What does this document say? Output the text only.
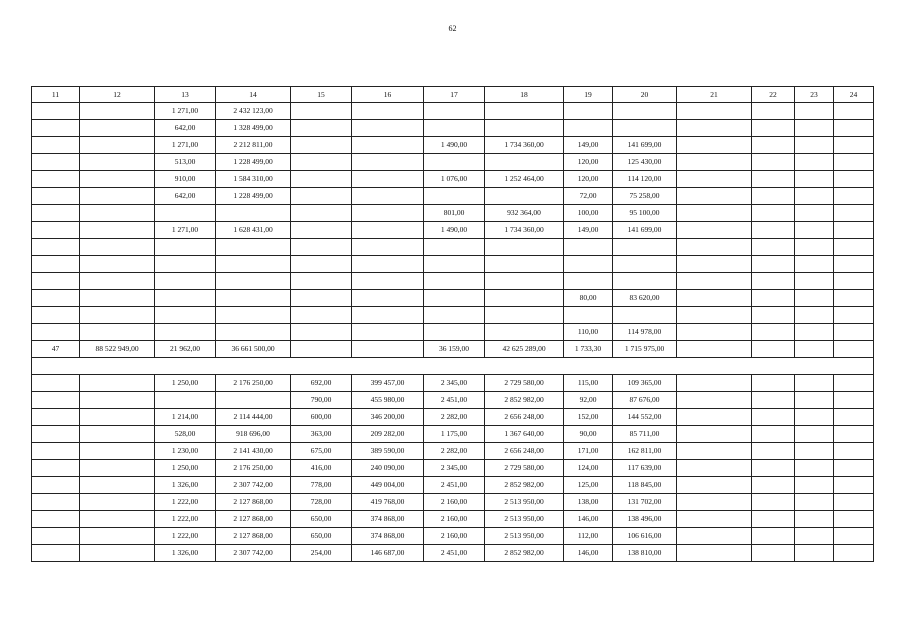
62
11	12	13	14	15	16	17	18	19	20	21	22	23	24
		1 271,00	2 432 123,00										
		642,00	1 328 499,00										
		1 271,00	2 212 811,00			1 490,00	1 734 360,00	149,00	141 699,00				
		513,00	1 228 499,00					120,00	125 430,00				
		910,00	1 584 310,00			1 076,00	1 252 464,00	120,00	114 120,00				
		642,00	1 228 499,00					72,00	75 258,00				
						801,00	932 364,00	100,00	95 100,00				
		1 271,00	1 628 431,00			1 490,00	1 734 360,00	149,00	141 699,00				

								80,00	83 620,00				

								110,00	114 978,00				
47	88 522 949,00	21 962,00	36 661 500,00			36 159,00	42 625 289,00	1 733,30	1 715 975,00				

		1 250,00	2 176 250,00	692,00	399 457,00	2 345,00	2 729 580,00	115,00	109 365,00				
				790,00	455 980,00	2 451,00	2 852 982,00	92,00	87 676,00				
		1 214,00	2 114 444,00	600,00	346 200,00	2 282,00	2 656 248,00	152,00	144 552,00				
		528,00	918 696,00	363,00	209 282,00	1 175,00	1 367 640,00	90,00	85 711,00				
		1 230,00	2 141 430,00	675,00	389 590,00	2 282,00	2 656 248,00	171,00	162 811,00				
		1 250,00	2 176 250,00	416,00	240 090,00	2 345,00	2 729 580,00	124,00	117 639,00				
		1 326,00	2 307 742,00	778,00	449 004,00	2 451,00	2 852 982,00	125,00	118 845,00				
		1 222,00	2 127 868,00	728,00	419 768,00	2 160,00	2 513 950,00	138,00	131 702,00				
		1 222,00	2 127 868,00	650,00	374 868,00	2 160,00	2 513 950,00	146,00	138 496,00				
		1 222,00	2 127 868,00	650,00	374 868,00	2 160,00	2 513 950,00	112,00	106 616,00				
		1 326,00	2 307 742,00	254,00	146 687,00	2 451,00	2 852 982,00	146,00	138 810,00				
